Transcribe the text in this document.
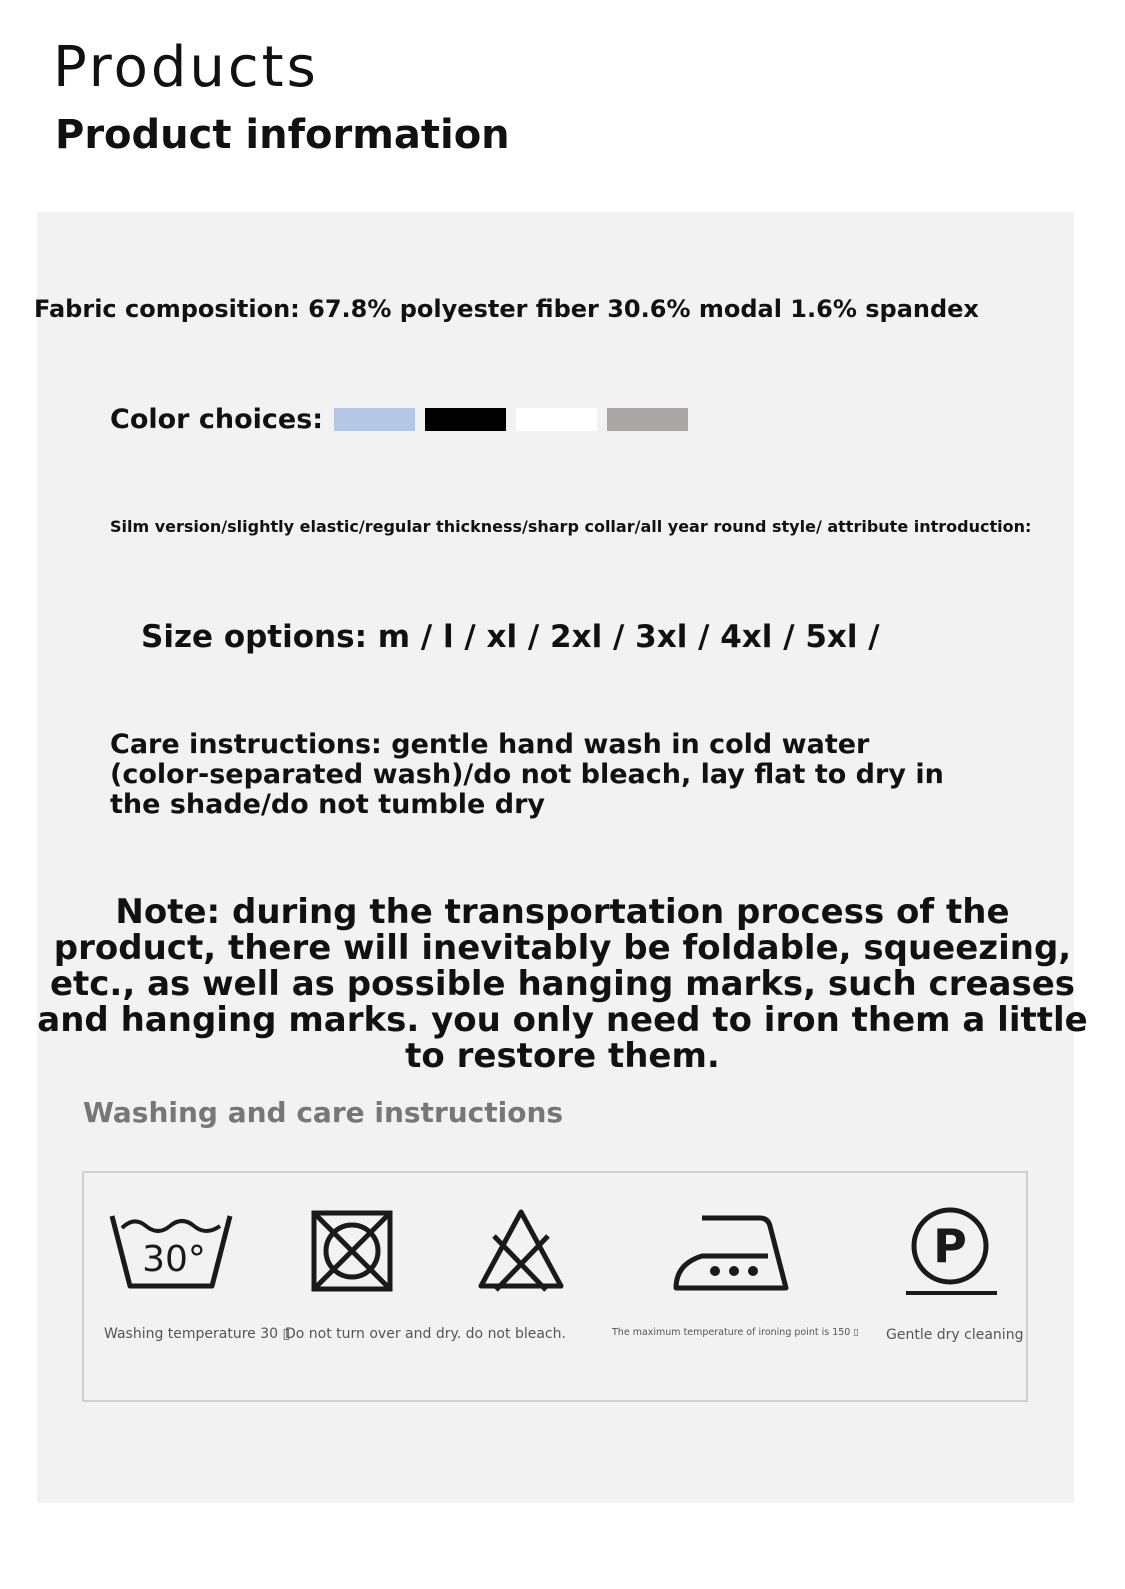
Products
Product information
Fabric composition: 67.8% polyester fiber 30.6% modal 1.6% spandex
Color choices:
Silm version/slightly elastic/regular thickness/sharp collar/all year round style/ attribute introduction:
Size options: m / l / xl / 2xl / 3xl / 4xl / 5xl /
Care instructions: gentle hand wash in cold water (color-separated wash)/do not bleach, lay flat to dry in the shade/do not tumble dry
Note: during the transportation process of the product, there will inevitably be foldable, squeezing, etc., as well as possible hanging marks, such creases and hanging marks. you only need to iron them a little to restore them.
Washing and care instructions
30°	P
Washing temperature 30 ▯
Do not turn over and dry. do not bleach.	The maximum temperature of ironing point is 150 ▯ Gentle dry cleaning
